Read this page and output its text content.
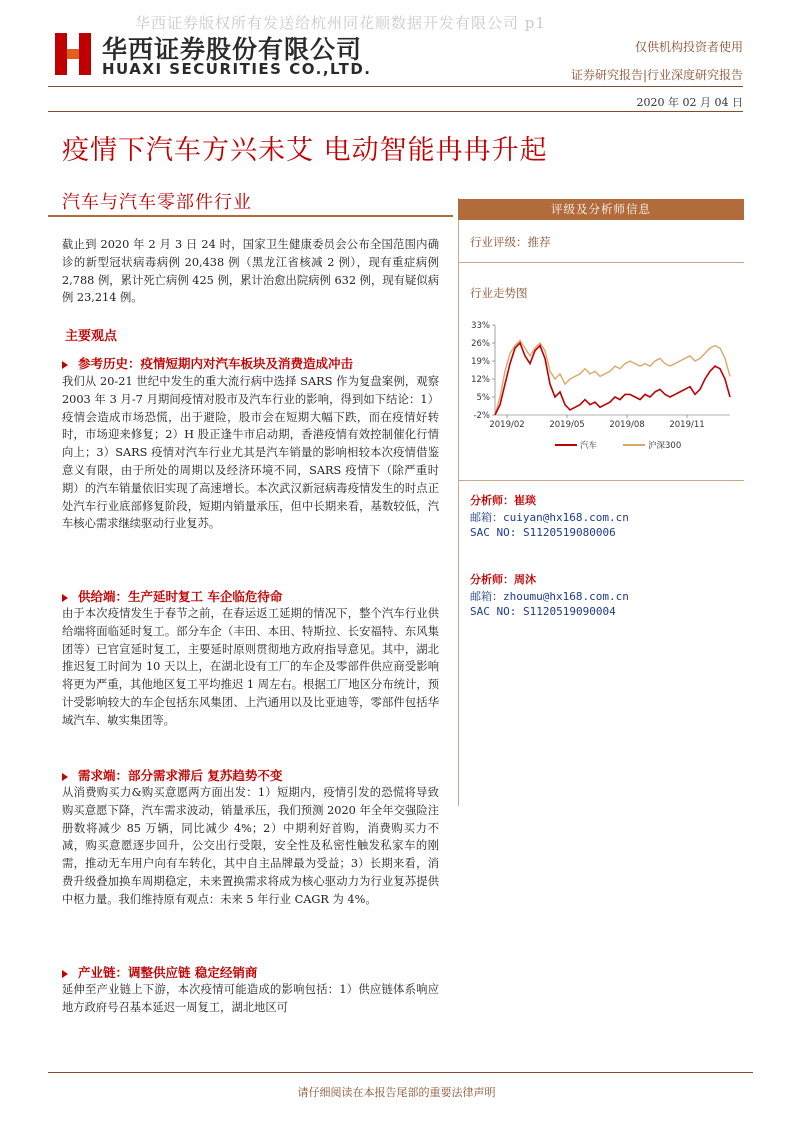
华西证券版权所有发送给杭州同花顺数据开发有限公司 p1
华西证券股份有限公司
HUAXI SECURITIES CO.,LTD.
仅供机构投资者使用
证券研究报告|行业深度研究报告
2020 年 02 月 04 日
疫情下汽车方兴未艾 电动智能冉冉升起
汽车与汽车零部件行业
截止到 2020 年 2 月 3 日 24 时，国家卫生健康委员会公布全国范围内确诊的新型冠状病毒病例 20,438 例（黑龙江省核减 2 例），现有重症病例 2,788 例，累计死亡病例 425 例，累计治愈出院病例 632 例，现有疑似病例 23,214 例。
主要观点
参考历史：疫情短期内对汽车板块及消费造成冲击
我们从 20-21 世纪中发生的重大流行病中选择 SARS 作为复盘案例，观察 2003 年 3 月-7 月期间疫情对股市及汽车行业的影响，得到如下结论：1）疫情会造成市场恐慌，出于避险，股市会在短期大幅下跌，而在疫情好转时，市场迎来修复；2）H 股正逢牛市启动期，香港疫情有效控制催化行情向上；3）SARS 疫情对汽车行业尤其是汽车销量的影响相较本次疫情借鉴意义有限，由于所处的周期以及经济环境不同，SARS 疫情下（除严重时期）的汽车销量依旧实现了高速增长。本次武汉新冠病毒疫情发生的时点正处汽车行业底部修复阶段，短期内销量承压，但中长期来看，基数较低，汽车核心需求继续驱动行业复苏。
供给端：生产延时复工 车企临危待命
由于本次疫情发生于春节之前，在春运返工延期的情况下，整个汽车行业供给端将面临延时复工。部分车企（丰田、本田、特斯拉、长安福特、东风集团等）已官宣延时复工，主要延时原则贯彻地方政府指导意见。其中，湖北推迟复工时间为 10 天以上，在湖北设有工厂的车企及零部件供应商受影响将更为严重，其他地区复工平均推迟 1 周左右。根据工厂地区分布统计，预计受影响较大的车企包括东风集团、上汽通用以及比亚迪等，零部件包括华域汽车、敏实集团等。
需求端：部分需求滞后 复苏趋势不变
从消费购买力&购买意愿两方面出发：1）短期内，疫情引发的恐慌将导致购买意愿下降，汽车需求波动，销量承压，我们预测 2020 年全年交强险注册数将减少 85 万辆，同比减少 4%；2）中期利好首购，消费购买力不减，购买意愿逐步回升，公交出行受限，安全性及私密性触发私家车的刚需，推动无车用户向有车转化，其中自主品牌最为受益；3）长期来看，消费升级叠加换车周期稳定，未来置换需求将成为核心驱动力为行业复苏提供中枢力量。我们维持原有观点：未来 5 年行业 CAGR 为 4%。
产业链：调整供应链 稳定经销商
延伸至产业链上下游，本次疫情可能造成的影响包括：1）供应链体系响应地方政府号召基本延迟一周复工，湖北地区可
评级及分析师信息
行业评级：推荐
行业走势图
-2%
5%
12%
19%
26%
33%
2019/02	2019/05	2019/08	2019/11
汽车	沪深300
分析师：崔琰
邮箱：cuiyan@hx168.com.cn
SAC NO: S1120519080006
分析师：周沐
邮箱：zhoumu@hx168.com.cn
SAC NO: S1120519090004
请仔细阅读在本报告尾部的重要法律声明
